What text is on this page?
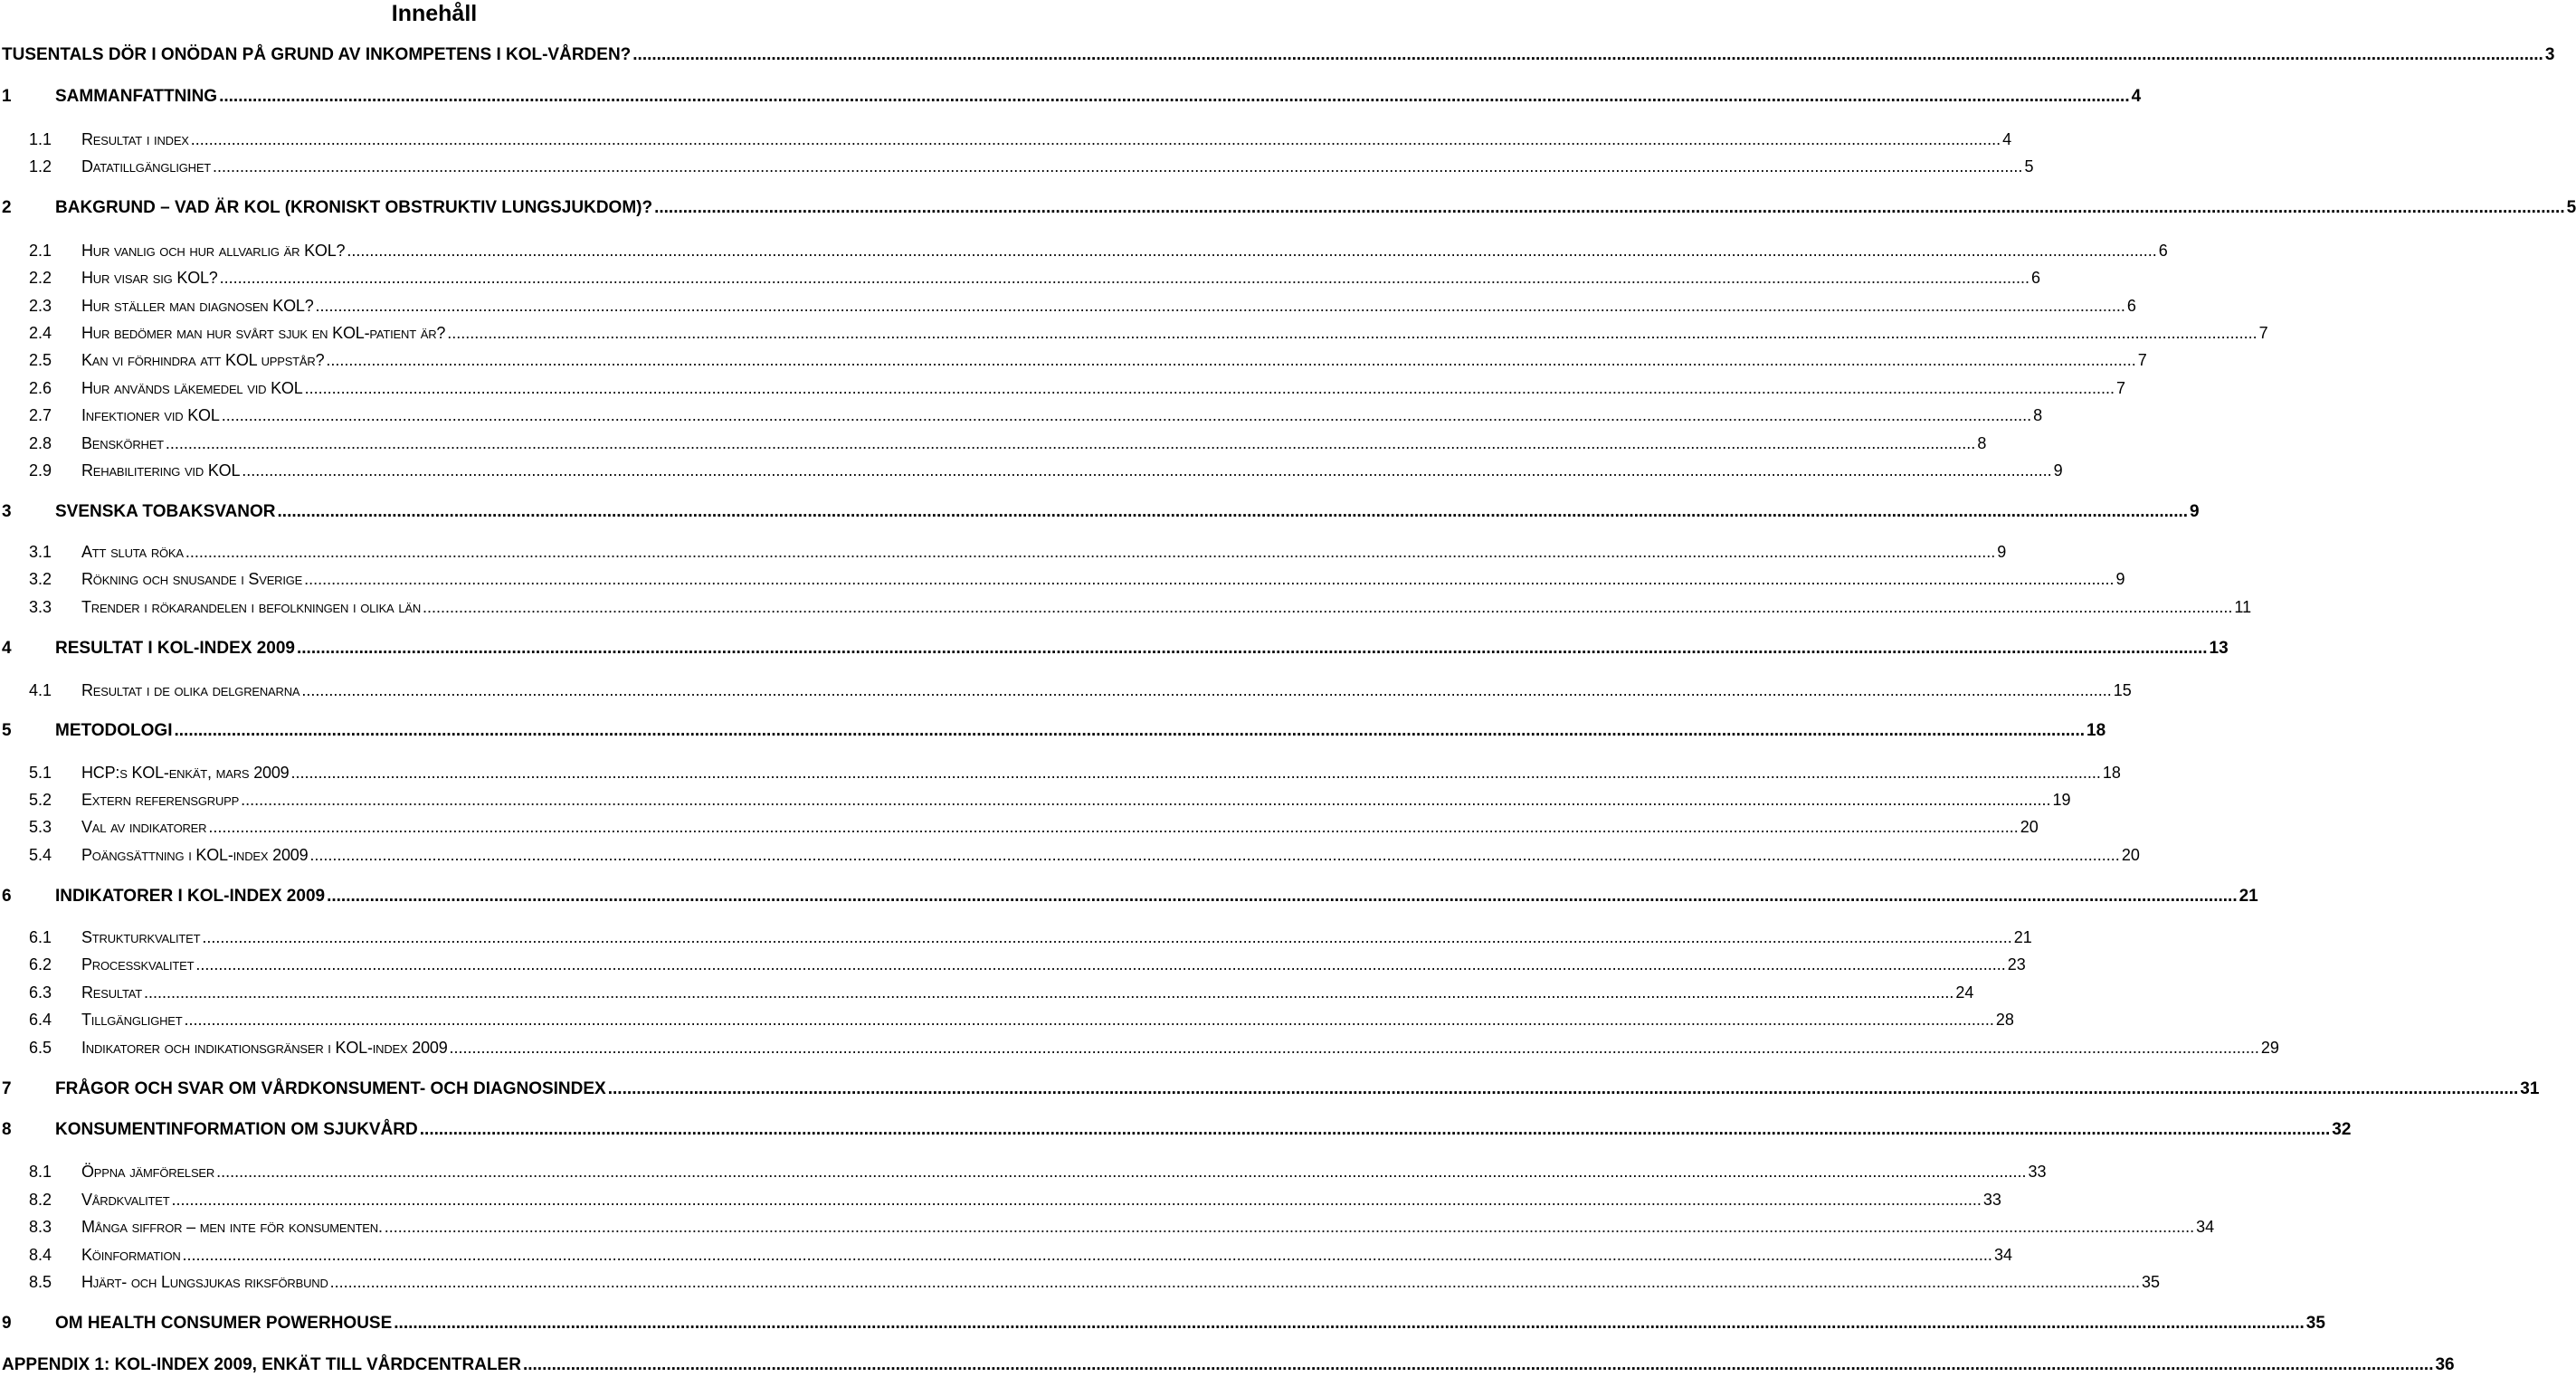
Innehåll
TUSENTALS DÖR I ONÖDAN PÅ GRUND AV INKOMPETENS I KOL-VÅRDEN? ................................................................................................................................................................................................................................................................................................................................................................................................................ 3
1	SAMMANFATTNING ................................................................................................................................................................................................................................................................................................................................................................................................................ 4
1.1	Resultat i index ................................................................................................................................................................................................................................................................................................................................................................................................................ 4
1.2	Datatillgänglighet ................................................................................................................................................................................................................................................................................................................................................................................................................ 5
2	BAKGRUND – VAD ÄR KOL (KRONISKT OBSTRUKTIV LUNGSJUKDOM)? ................................................................................................................................................................................................................................................................................................................................................................................................................ 5
2.1	Hur vanlig och hur allvarlig är KOL? ................................................................................................................................................................................................................................................................................................................................................................................................................ 6
2.2	Hur visar sig KOL? ................................................................................................................................................................................................................................................................................................................................................................................................................ 6
2.3	Hur ställer man diagnosen KOL? ................................................................................................................................................................................................................................................................................................................................................................................................................ 6
2.4	Hur bedömer man hur svårt sjuk en KOL-patient är? ................................................................................................................................................................................................................................................................................................................................................................................................................ 7
2.5	Kan vi förhindra att KOL uppstår? ................................................................................................................................................................................................................................................................................................................................................................................................................ 7
2.6	Hur används läkemedel vid KOL ................................................................................................................................................................................................................................................................................................................................................................................................................ 7
2.7	Infektioner vid KOL ................................................................................................................................................................................................................................................................................................................................................................................................................ 8
2.8	Benskörhet ................................................................................................................................................................................................................................................................................................................................................................................................................ 8
2.9	Rehabilitering vid KOL ................................................................................................................................................................................................................................................................................................................................................................................................................ 9
3	SVENSKA TOBAKSVANOR ................................................................................................................................................................................................................................................................................................................................................................................................................ 9
3.1	Att sluta röka ................................................................................................................................................................................................................................................................................................................................................................................................................ 9
3.2	Rökning och snusande i Sverige ................................................................................................................................................................................................................................................................................................................................................................................................................ 9
3.3	Trender i rökarandelen i befolkningen i olika län ................................................................................................................................................................................................................................................................................................................................................................................................................ 11
4	RESULTAT I KOL-INDEX 2009 ................................................................................................................................................................................................................................................................................................................................................................................................................ 13
4.1	Resultat i de olika delgrenarna ................................................................................................................................................................................................................................................................................................................................................................................................................ 15
5	METODOLOGI ................................................................................................................................................................................................................................................................................................................................................................................................................ 18
5.1	HCP:s KOL-enkät, mars 2009 ................................................................................................................................................................................................................................................................................................................................................................................................................ 18
5.2	Extern referensgrupp ................................................................................................................................................................................................................................................................................................................................................................................................................ 19
5.3	Val av indikatorer ................................................................................................................................................................................................................................................................................................................................................................................................................ 20
5.4	Poängsättning i KOL-index 2009 ................................................................................................................................................................................................................................................................................................................................................................................................................ 20
6	INDIKATORER I KOL-INDEX 2009 ................................................................................................................................................................................................................................................................................................................................................................................................................ 21
6.1	Strukturkvalitet ................................................................................................................................................................................................................................................................................................................................................................................................................ 21
6.2	Processkvalitet ................................................................................................................................................................................................................................................................................................................................................................................................................ 23
6.3	Resultat ................................................................................................................................................................................................................................................................................................................................................................................................................ 24
6.4	Tillgänglighet ................................................................................................................................................................................................................................................................................................................................................................................................................ 28
6.5	Indikatorer och indikationsgränser i KOL-index 2009 ................................................................................................................................................................................................................................................................................................................................................................................................................ 29
7	FRÅGOR OCH SVAR OM VÅRDKONSUMENT- OCH DIAGNOSINDEX ................................................................................................................................................................................................................................................................................................................................................................................................................ 31
8	KONSUMENTINFORMATION OM SJUKVÅRD ................................................................................................................................................................................................................................................................................................................................................................................................................ 32
8.1	Öppna jämförelser ................................................................................................................................................................................................................................................................................................................................................................................................................ 33
8.2	Vårdkvalitet ................................................................................................................................................................................................................................................................................................................................................................................................................ 33
8.3	Många siffror – men inte för konsumenten. ................................................................................................................................................................................................................................................................................................................................................................................................................ 34
8.4	Köinformation ................................................................................................................................................................................................................................................................................................................................................................................................................ 34
8.5	Hjärt- och Lungsjukas riksförbund ................................................................................................................................................................................................................................................................................................................................................................................................................ 35
9	OM HEALTH CONSUMER POWERHOUSE ................................................................................................................................................................................................................................................................................................................................................................................................................ 35
APPENDIX 1: KOL-INDEX 2009, ENKÄT TILL VÅRDCENTRALER ................................................................................................................................................................................................................................................................................................................................................................................................................ 36
